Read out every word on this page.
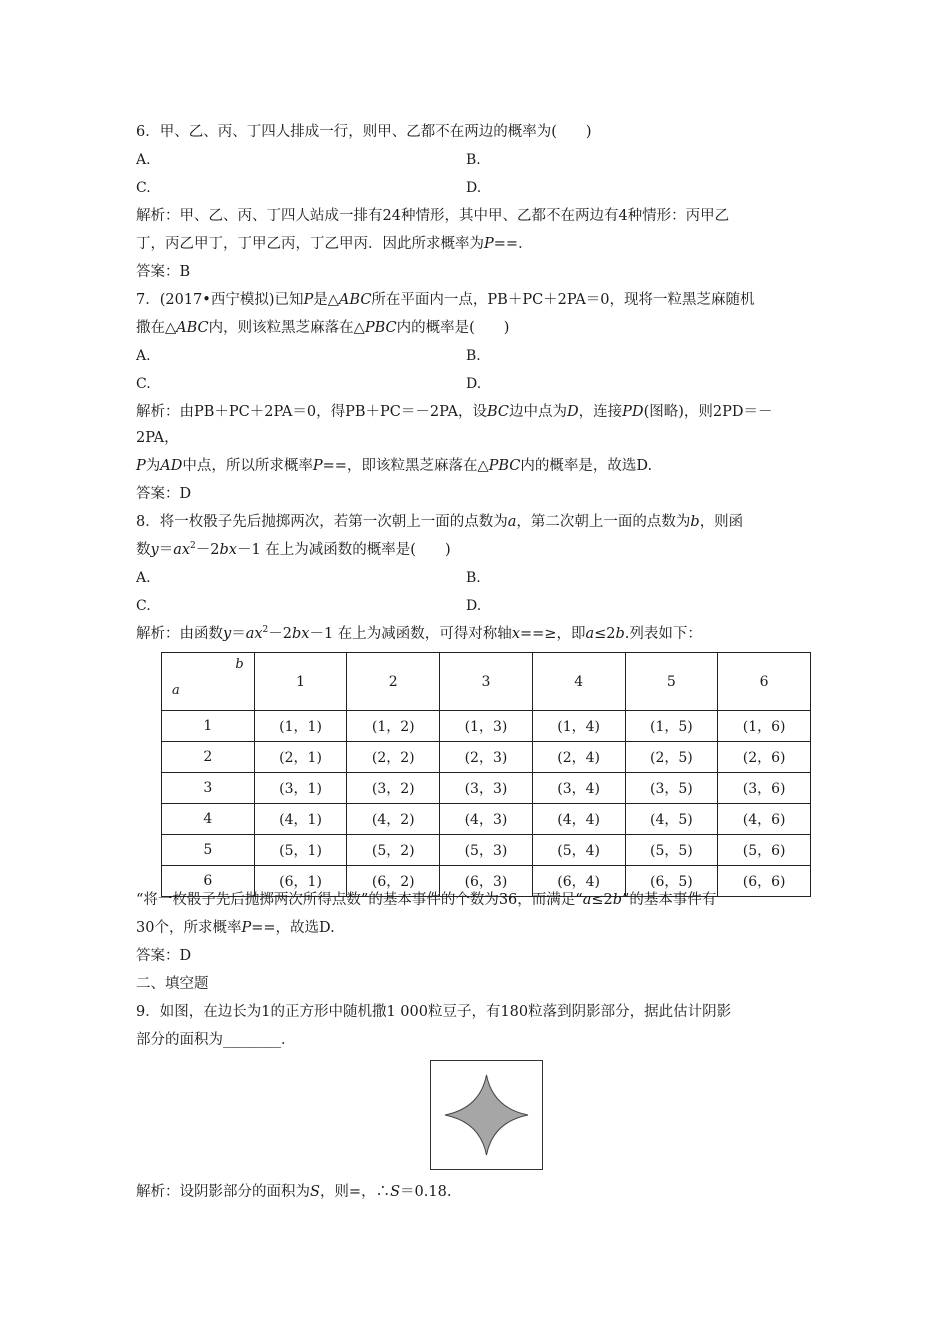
6．甲、乙、丙、丁四人排成一行，则甲、乙都不在两边的概率为(　　)
A.	B.
C.	D.
解析：甲、乙、丙、丁四人站成一排有24种情形，其中甲、乙都不在两边有4种情形：丙甲乙
丁，丙乙甲丁，丁甲乙丙，丁乙甲丙．因此所求概率为P==．
答案：B
7．(2017•西宁模拟)已知P是△ABC所在平面内一点，PB＋PC＋2PA＝0，现将一粒黑芝麻随机
撒在△ABC内，则该粒黑芝麻落在△PBC内的概率是(　　)
A.	B.
C.	D.
解析：由PB＋PC＋2PA＝0，得PB＋PC＝－2PA，设BC边中点为D，连接PD(图略)，则2PD＝－
2PA，
P为AD中点，所以所求概率P==，即该粒黑芝麻落在△PBC内的概率是，故选D.
答案：D
8．将一枚骰子先后抛掷两次，若第一次朝上一面的点数为a，第二次朝上一面的点数为b，则函
数$y=ax^2-2bx-1$ 在上为减函数的概率是(　　)
A.	B.
C.	D.
解析：由函数$y=ax^2-2bx-1$ 在上为减函数，可得对称轴x==≥，即a≤2b.列表如下：
b
a	1	2	3	4	5	6
1	(1，1)	(1，2)	(1，3)	(1，4)	(1，5)	(1，6)
2	(2，1)	(2，2)	(2，3)	(2，4)	(2，5)	(2，6)
3	(3，1)	(3，2)	(3，3)	(3，4)	(3，5)	(3，6)
4	(4，1)	(4，2)	(4，3)	(4，4)	(4，5)	(4，6)
5	(5，1)	(5，2)	(5，3)	(5，4)	(5，5)	(5，6)
6	(6，1)	(6，2)	(6，3)	(6，4)	(6，5)	(6，6)
“将一枚骰子先后抛掷两次所得点数”的基本事件的个数为36，而满足“a≤2b”的基本事件有
30个，所求概率P==，故选D.
答案：D
二、填空题
9．如图，在边长为1的正方形中随机撒1 000粒豆子，有180粒落到阴影部分，据此估计阴影
部分的面积为________．
解析：设阴影部分的面积为S，则=，∴S＝0.18.
